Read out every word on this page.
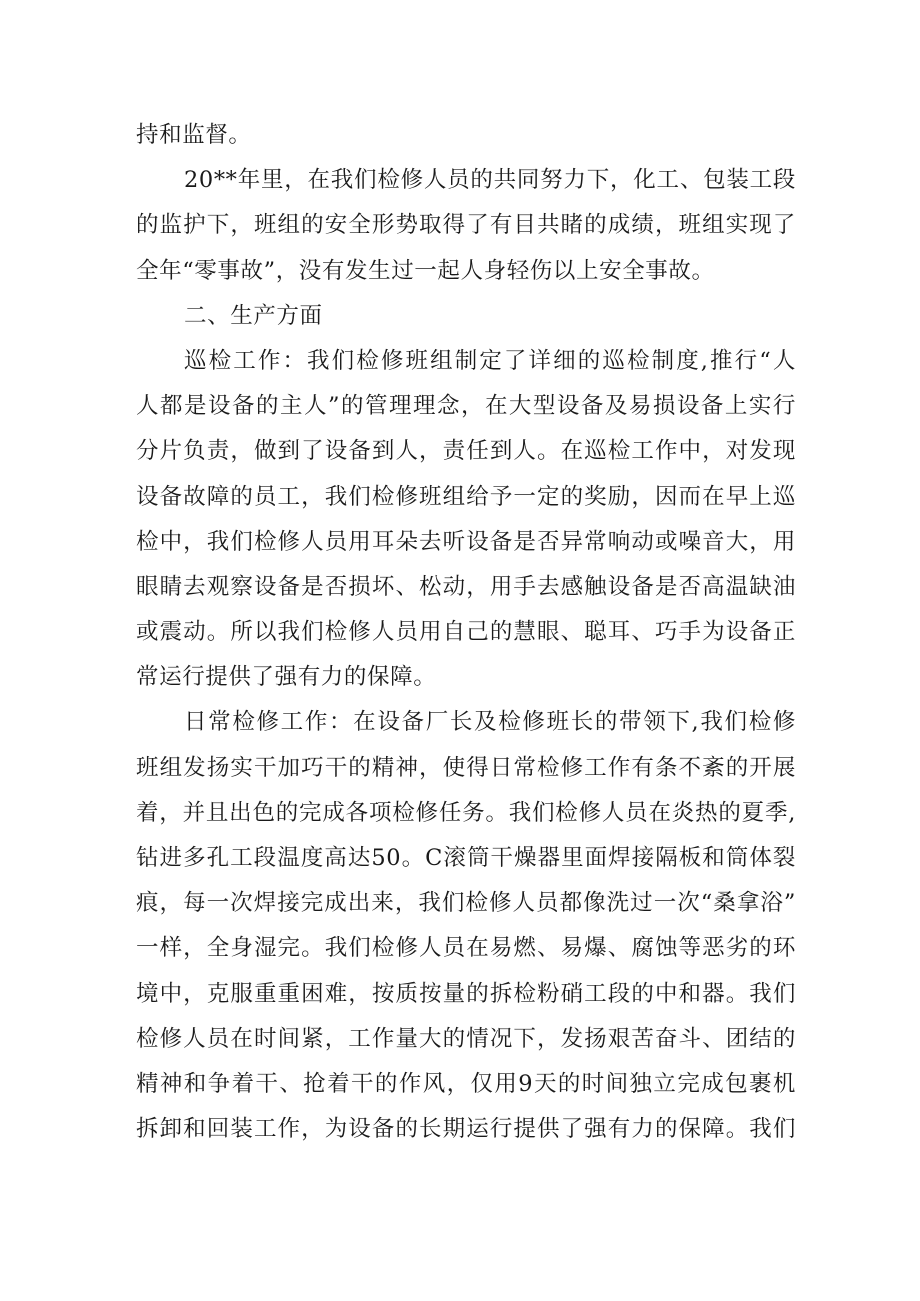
持和监督。
20**年里，在我们检修人员的共同努力下，化工、包装工段
的监护下，班组的安全形势取得了有目共睹的成绩，班组实现了
全年“零事故”，没有发生过一起人身轻伤以上安全事故。
二、生产方面
巡检工作：我们检修班组制定了详细的巡检制度,推行“人
人都是设备的主人”的管理理念，在大型设备及易损设备上实行
分片负责，做到了设备到人，责任到人。在巡检工作中，对发现
设备故障的员工，我们检修班组给予一定的奖励，因而在早上巡
检中，我们检修人员用耳朵去听设备是否异常响动或噪音大，用
眼睛去观察设备是否损坏、松动，用手去感触设备是否高温缺油
或震动。所以我们检修人员用自己的慧眼、聪耳、巧手为设备正
常运行提供了强有力的保障。
日常检修工作：在设备厂长及检修班长的带领下,我们检修
班组发扬实干加巧干的精神，使得日常检修工作有条不紊的开展
着，并且出色的完成各项检修任务。我们检修人员在炎热的夏季,
钻进多孔工段温度高达50。C滚筒干燥器里面焊接隔板和筒体裂
痕，每一次焊接完成出来，我们检修人员都像洗过一次“桑拿浴”
一样，全身湿完。我们检修人员在易燃、易爆、腐蚀等恶劣的环
境中，克服重重困难，按质按量的拆检粉硝工段的中和器。我们
检修人员在时间紧，工作量大的情况下，发扬艰苦奋斗、团结的
精神和争着干、抢着干的作风，仅用9天的时间独立完成包裹机
拆卸和回装工作，为设备的长期运行提供了强有力的保障。我们
